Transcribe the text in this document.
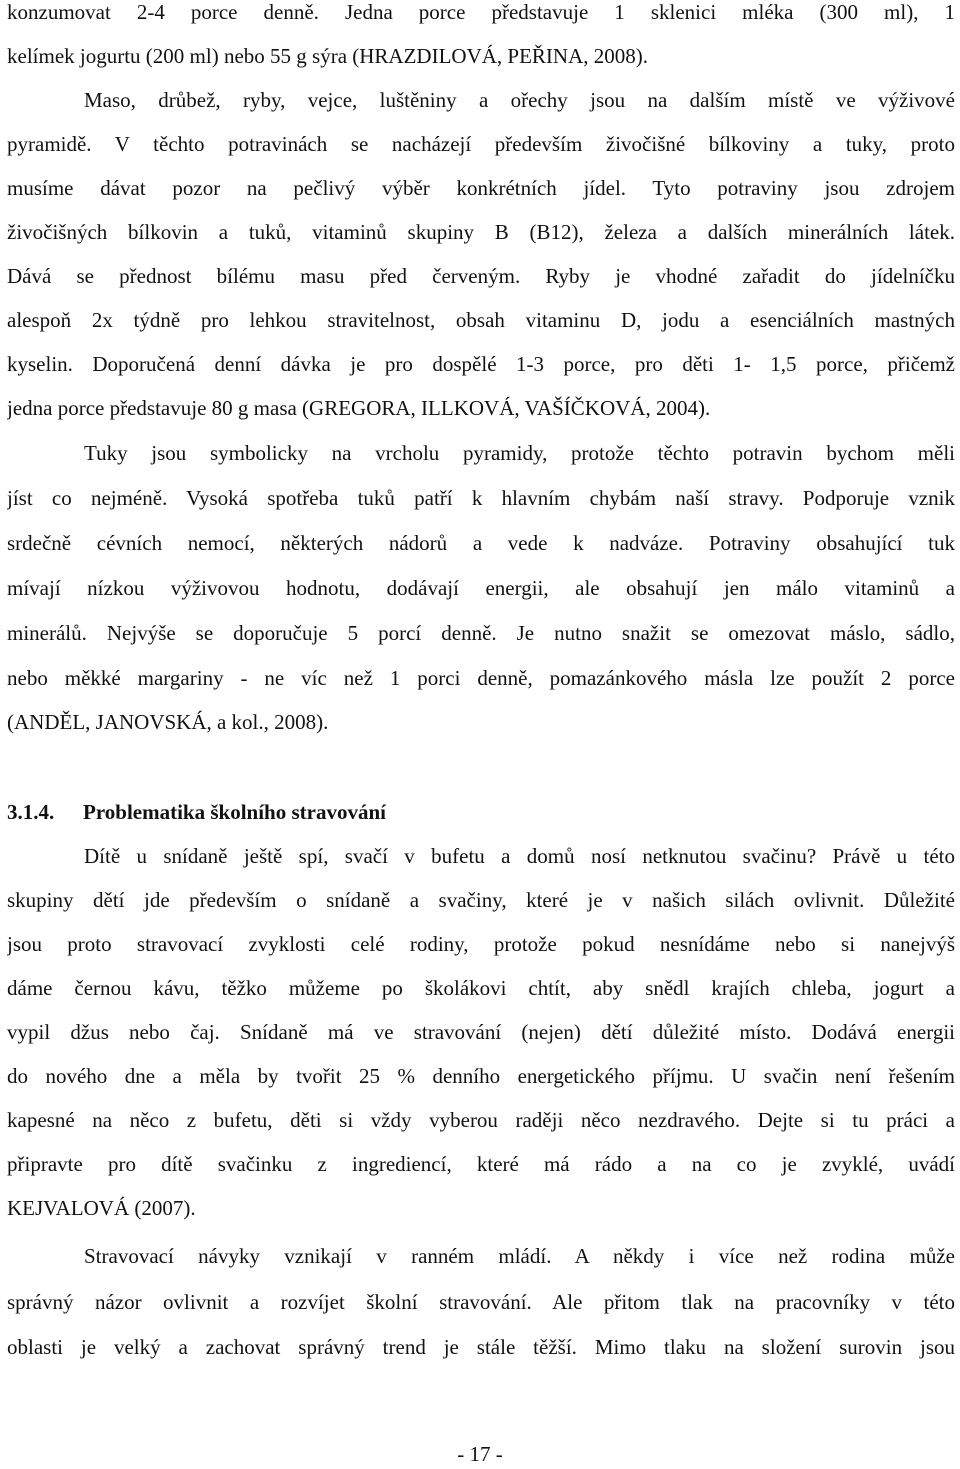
konzumovat 2-4 porce denně. Jedna porce představuje 1 sklenici mléka (300 ml), 1
kelímek jogurtu (200 ml) nebo 55 g sýra (HRAZDILOVÁ, PEŘINA, 2008).
Maso, drůbež, ryby, vejce, luštěniny a ořechy jsou na dalším místě ve výživové
pyramidě. V těchto potravinách se nacházejí především živočišné bílkoviny a tuky, proto
musíme dávat pozor na pečlivý výběr konkrétních jídel. Tyto potraviny jsou zdrojem
živočišných bílkovin a tuků, vitaminů skupiny B (B12), železa a dalších minerálních látek.
Dává se přednost bílému masu před červeným. Ryby je vhodné zařadit do jídelníčku
alespoň 2x týdně pro lehkou stravitelnost, obsah vitaminu D, jodu a esenciálních mastných
kyselin. Doporučená denní dávka je pro dospělé 1-3 porce, pro děti 1- 1,5 porce, přičemž
jedna porce představuje 80 g masa (GREGORA, ILLKOVÁ, VAŠÍČKOVÁ, 2004).
Tuky jsou symbolicky na vrcholu pyramidy, protože těchto potravin bychom měli
jíst co nejméně. Vysoká spotřeba tuků patří k hlavním chybám naší stravy. Podporuje vznik
srdečně cévních nemocí, některých nádorů a vede k nadváze. Potraviny obsahující tuk
mívají nízkou výživovou hodnotu, dodávají energii, ale obsahují jen málo vitaminů a
minerálů. Nejvýše se doporučuje 5 porcí denně. Je nutno snažit se omezovat máslo, sádlo,
nebo měkké margariny - ne víc než 1 porci denně, pomazánkového másla lze použít 2 porce
(ANDĚL, JANOVSKÁ, a kol., 2008).
3.1.4. Problematika školního stravování
Dítě u snídaně ještě spí, svačí v bufetu a domů nosí netknutou svačinu? Právě u této
skupiny dětí jde především o snídaně a svačiny, které je v našich silách ovlivnit. Důležité
jsou proto stravovací zvyklosti celé rodiny, protože pokud nesnídáme nebo si nanejvýš
dáme černou kávu, těžko můžeme po školákovi chtít, aby snědl krajích chleba, jogurt a
vypil džus nebo čaj. Snídaně má ve stravování (nejen) dětí důležité místo. Dodává energii
do nového dne a měla by tvořit 25 % denního energetického příjmu. U svačin není řešením
kapesné na něco z bufetu, děti si vždy vyberou raději něco nezdravého. Dejte si tu práci a
připravte pro dítě svačinku z ingrediencí, které má rádo a na co je zvyklé, uvádí
KEJVALOVÁ (2007).
Stravovací návyky vznikají v ranném mládí. A někdy i více než rodina může
správný názor ovlivnit a rozvíjet školní stravování. Ale přitom tlak na pracovníky v této
oblasti je velký a zachovat správný trend je stále těžší. Mimo tlaku na složení surovin jsou
- 17 -
